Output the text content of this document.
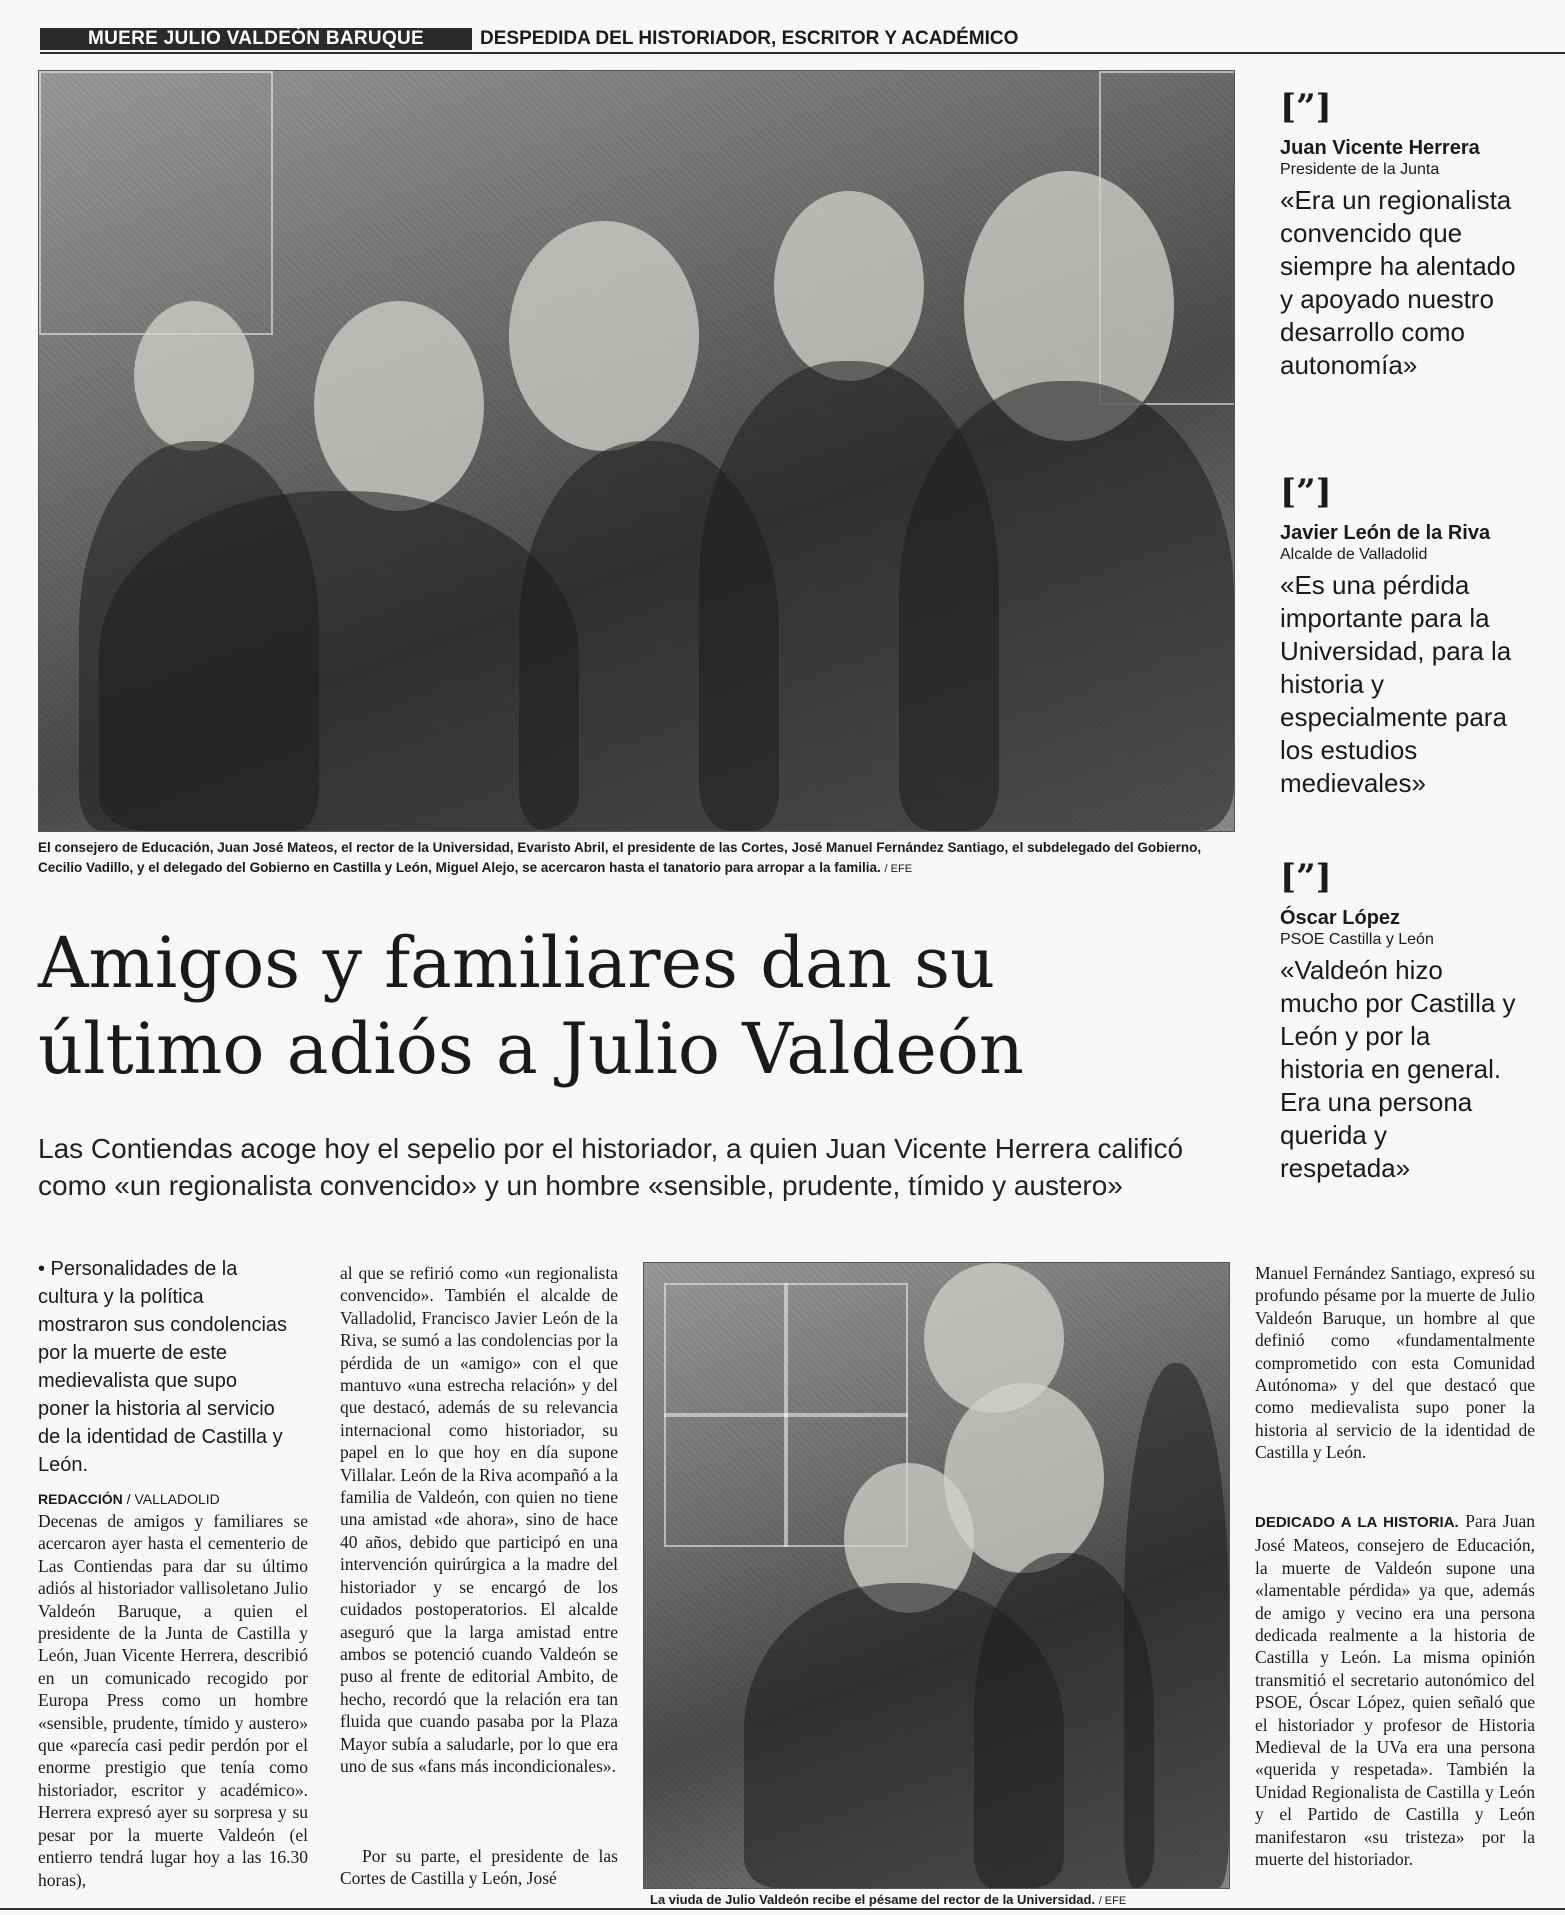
MUERE JULIO VALDEÓN BARUQUE	DESPEDIDA DEL HISTORIADOR, ESCRITOR Y ACADÉMICO
El consejero de Educación, Juan José Mateos, el rector de la Universidad, Evaristo Abril, el presidente de las Cortes, José Manuel Fernández Santiago, el subdelegado del Gobierno, Cecilio Vadillo, y el delegado del Gobierno en Castilla y León, Miguel Alejo, se acercaron hasta el tanatorio para arropar a la familia. / EFE
[”]
Juan Vicente Herrera
Presidente de la Junta
«Era un regionalista convencido que siempre ha alentado y apoyado nuestro desarrollo como autonomía»
[”]
Javier León de la Riva
Alcalde de Valladolid
«Es una pérdida importante para la Universidad, para la historia y especialmente para los estudios medievales»
[”]
Óscar López
PSOE Castilla y León
«Valdeón hizo mucho por Castilla y León y por la historia en general. Era una persona querida y respetada»
Amigos y familiares dan su
último adiós a Julio Valdeón
Las Contiendas acoge hoy el sepelio por el historiador, a quien Juan Vicente Herrera calificó como «un regionalista convencido» y un hombre «sensible, prudente, tímido y austero»
• Personalidades de la cultura y la política mostraron sus condolencias por la muerte de este medievalista que supo poner la historia al servicio de la identidad de Castilla y León.
REDACCIÓN / VALLADOLID
Decenas de amigos y familiares se acercaron ayer hasta el cementerio de Las Contiendas para dar su último adiós al historiador vallisoletano Julio Valdeón Baruque, a quien el presidente de la Junta de Castilla y León, Juan Vicente Herrera, describió en un comunicado recogido por Europa Press como un hombre «sensible, prudente, tímido y austero» que «parecía casi pedir perdón por el enorme prestigio que tenía como historiador, escritor y académico». Herrera expresó ayer su sorpresa y su pesar por la muerte Valdeón (el entierro tendrá lugar hoy a las 16.30 horas),
al que se refirió como «un regionalista convencido». También el alcalde de Valladolid, Francisco Javier León de la Riva, se sumó a las condolencias por la pérdida de un «amigo» con el que mantuvo «una estrecha relación» y del que destacó, además de su relevancia internacional como historiador, su papel en lo que hoy en día supone Villalar. León de la Riva acompañó a la familia de Valdeón, con quien no tiene una amistad «de ahora», sino de hace 40 años, debido que participó en una intervención quirúrgica a la madre del historiador y se encargó de los cuidados postoperatorios. El alcalde aseguró que la larga amistad entre ambos se potenció cuando Valdeón se puso al frente de editorial Ambito, de hecho, recordó que la relación era tan fluida que cuando pasaba por la Plaza Mayor subía a saludarle, por lo que era uno de sus «fans más incondicionales».
Por su parte, el presidente de las Cortes de Castilla y León, José
La viuda de Julio Valdeón recibe el pésame del rector de la Universidad. / EFE
Manuel Fernández Santiago, expresó su profundo pésame por la muerte de Julio Valdeón Baruque, un hombre al que definió como «fundamentalmente comprometido con esta Comunidad Autónoma» y del que destacó que como medievalista supo poner la historia al servicio de la identidad de Castilla y León.
DEDICADO A LA HISTORIA. Para Juan José Mateos, consejero de Educación, la muerte de Valdeón supone una «lamentable pérdida» ya que, además de amigo y vecino era una persona dedicada realmente a la historia de Castilla y León. La misma opinión transmitió el secretario autonómico del PSOE, Óscar López, quien señaló que el historiador y profesor de Historia Medieval de la UVa era una persona «querida y respetada». También la Unidad Regionalista de Castilla y León y el Partido de Castilla y León manifestaron «su tristeza» por la muerte del historiador.
